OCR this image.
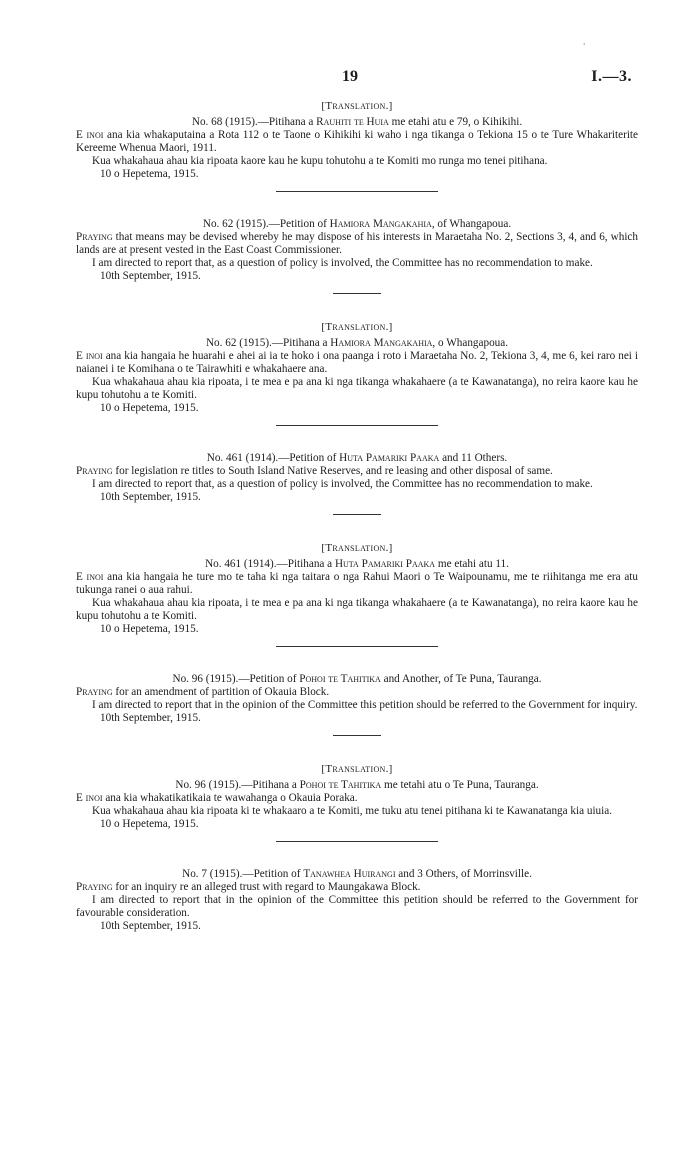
'
19	I.—3.
[Translation.]

No. 68 (1915).—Pitihana a Rauhiti te Huia me etahi atu e 79, o Kihikihi.

E inoi ana kia whakaputaina a Rota 112 o te Taone o Kihikihi ki waho i nga tikanga o Tekiona 15 o te Ture Whakariterite Kereeme Whenua Maori, 1911.

Kua whakahaua ahau kia ripoata kaore kau he kupu tohutohu a te Komiti mo runga mo tenei pitihana.

10 o Hepetema, 1915.

No. 62 (1915).—Petition of Hamiora Mangakahia, of Whangapoua.

Praying that means may be devised whereby he may dispose of his interests in Maraetaha No. 2, Sections 3, 4, and 6, which lands are at present vested in the East Coast Commissioner.

I am directed to report that, as a question of policy is involved, the Committee has no recommendation to make.

10th September, 1915.

[Translation.]

No. 62 (1915).—Pitihana a Hamiora Mangakahia, o Whangapoua.

E inoi ana kia hangaia he huarahi e ahei ai ia te hoko i ona paanga i roto i Maraetaha No. 2, Tekiona 3, 4, me 6, kei raro nei i naianei i te Komihana o te Tairawhiti e whakahaere ana.

Kua whakahaua ahau kia ripoata, i te mea e pa ana ki nga tikanga whakahaere (a te Kawanatanga), no reira kaore kau he kupu tohutohu a te Komiti.

10 o Hepetema, 1915.

No. 461 (1914).—Petition of Huta Pamariki Paaka and 11 Others.

Praying for legislation re titles to South Island Native Reserves, and re leasing and other disposal of same.

I am directed to report that, as a question of policy is involved, the Committee has no recommendation to make.

10th September, 1915.

[Translation.]

No. 461 (1914).—Pitihana a Huta Pamariki Paaka me etahi atu 11.

E inoi ana kia hangaia he ture mo te taha ki nga taitara o nga Rahui Maori o Te Waipounamu, me te riihitanga me era atu tukunga ranei o aua rahui.

Kua whakahaua ahau kia ripoata, i te mea e pa ana ki nga tikanga whakahaere (a te Kawanatanga), no reira kaore kau he kupu tohutohu a te Komiti.

10 o Hepetema, 1915.

No. 96 (1915).—Petition of Pohoi te Tahitika and Another, of Te Puna, Tauranga.

Praying for an amendment of partition of Okauia Block.

I am directed to report that in the opinion of the Committee this petition should be referred to the Government for inquiry.

10th September, 1915.

[Translation.]

No. 96 (1915).—Pitihana a Pohoi te Tahitika me tetahi atu o Te Puna, Tauranga.

E inoi ana kia whakatikatikaia te wawahanga o Okauia Poraka.

Kua whakahaua ahau kia ripoata ki te whakaaro a te Komiti, me tuku atu tenei pitihana ki te Kawanatanga kia uiuia.

10 o Hepetema, 1915.

No. 7 (1915).—Petition of Tanawhea Huirangi and 3 Others, of Morrinsville.

Praying for an inquiry re an alleged trust with regard to Maungakawa Block.

I am directed to report that in the opinion of the Committee this petition should be referred to the Government for favourable consideration.

10th September, 1915.
